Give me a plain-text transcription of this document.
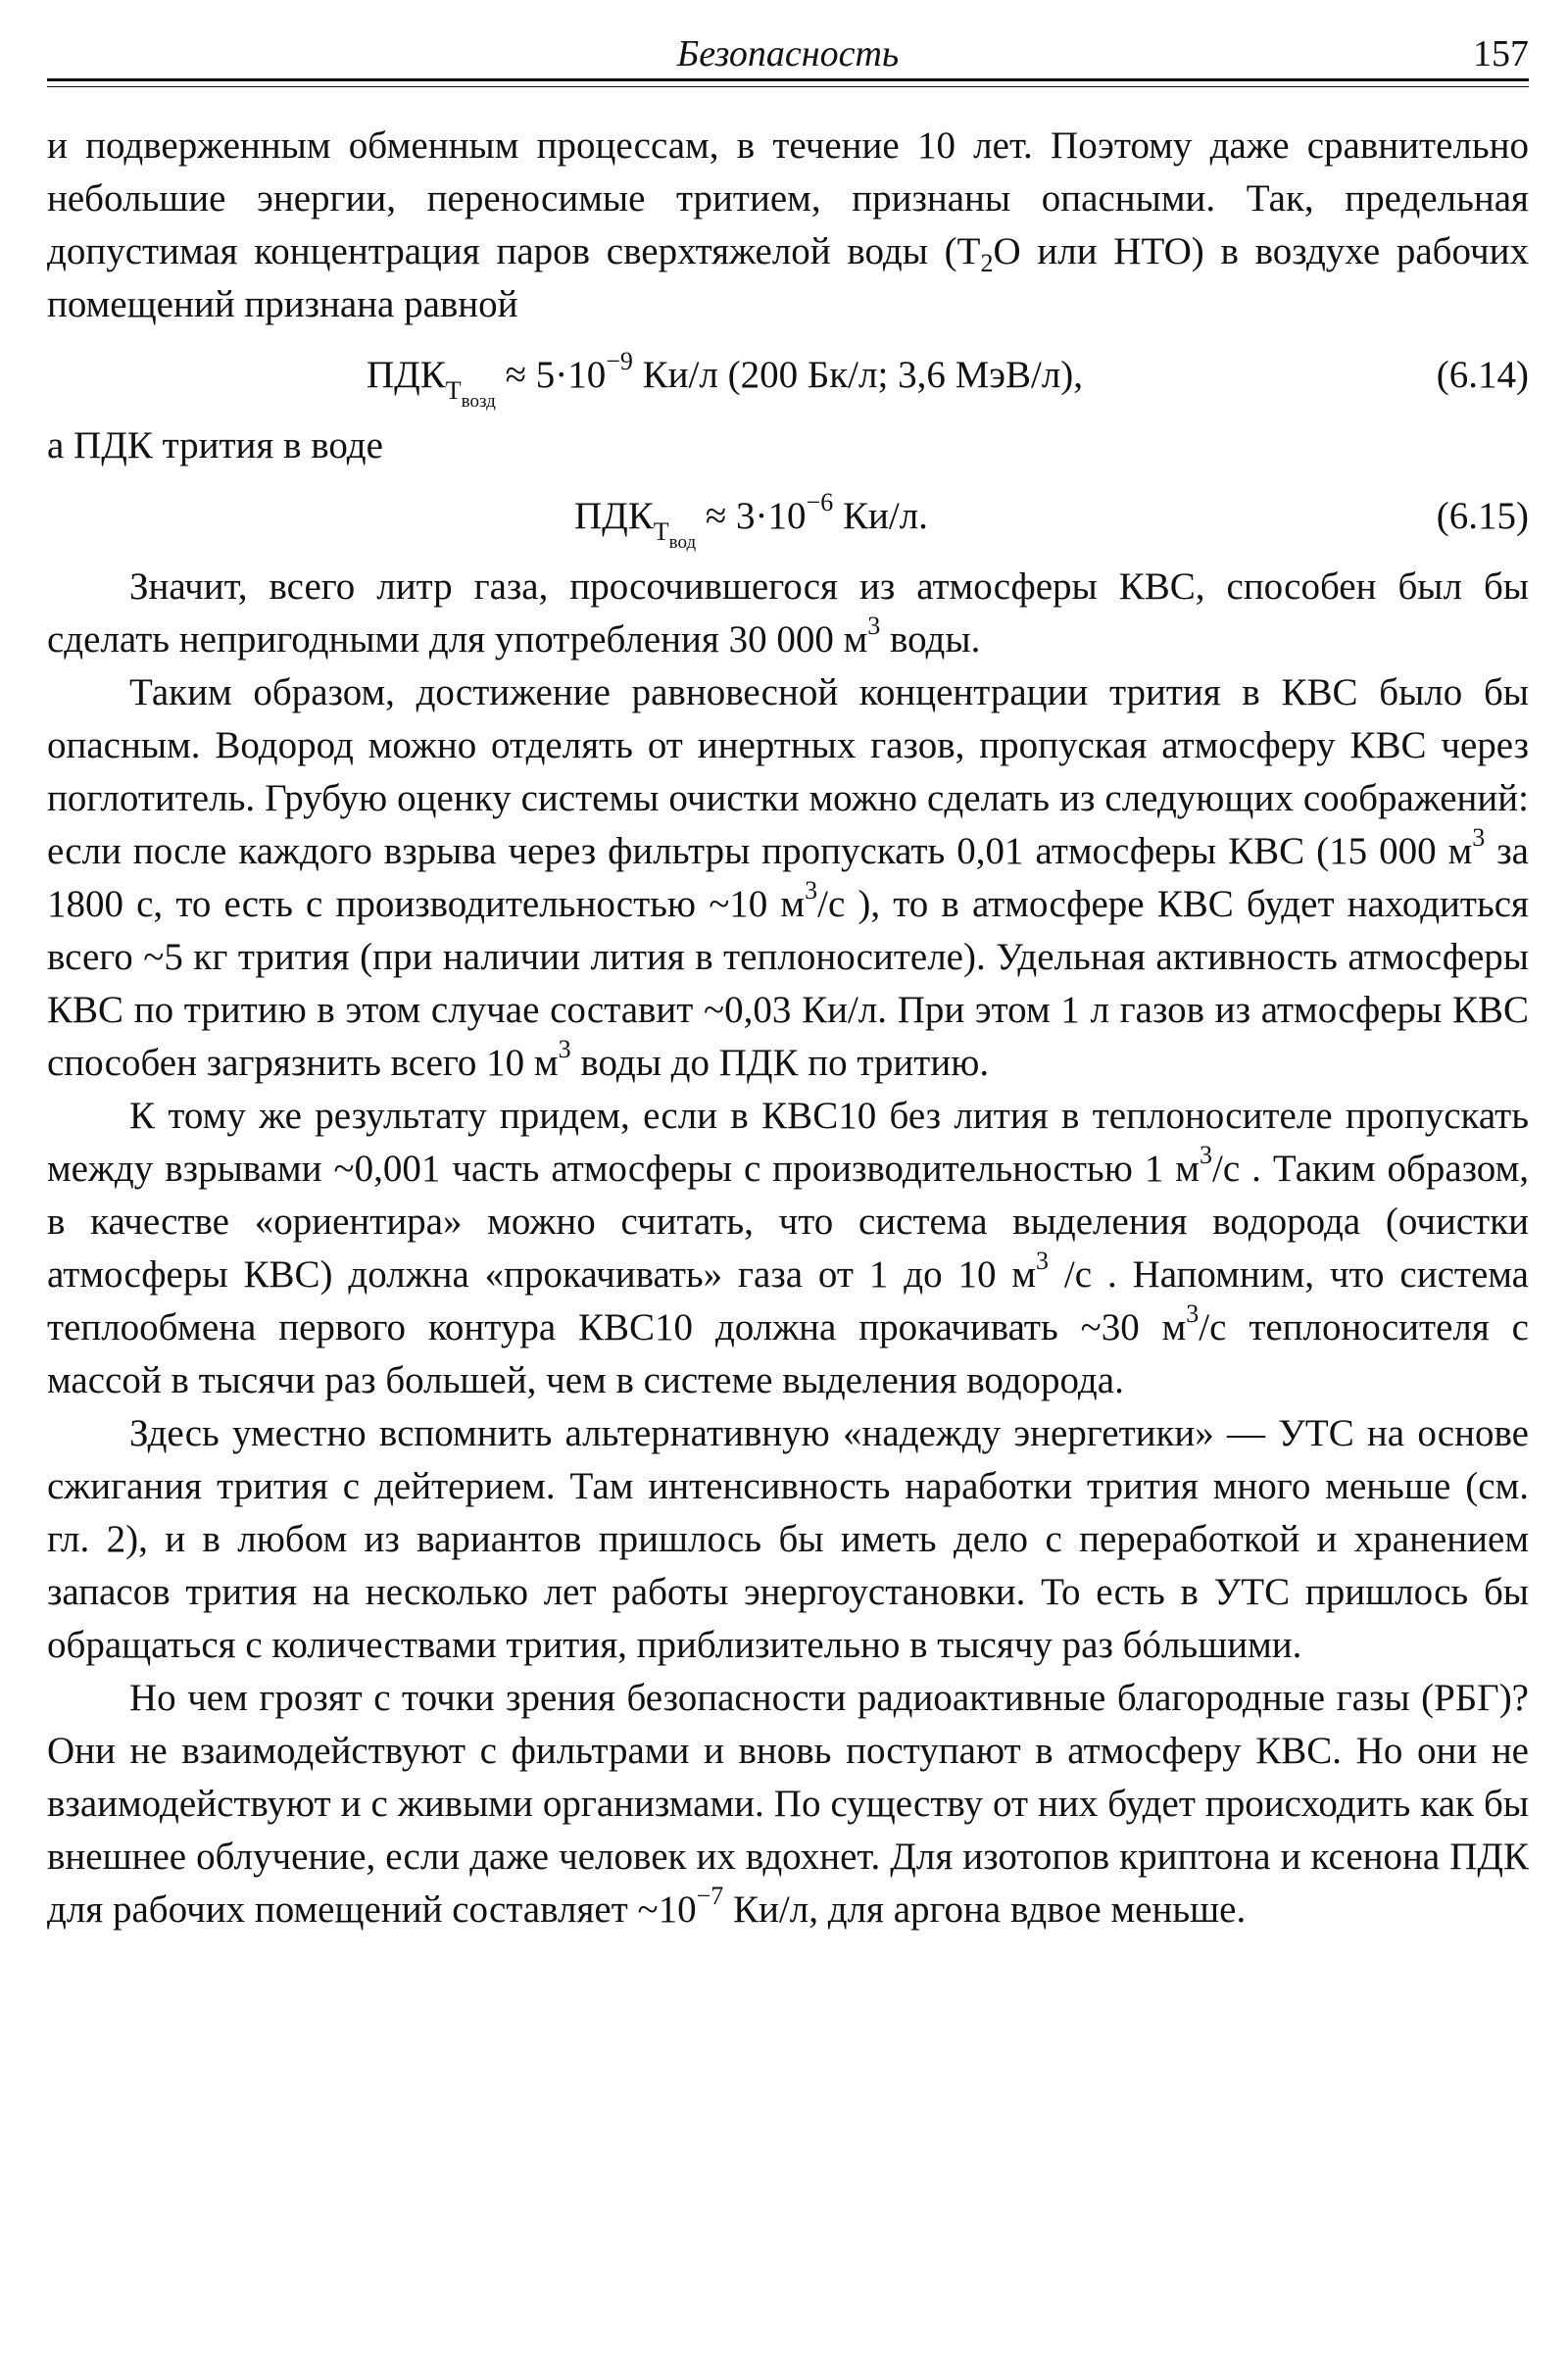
Безопасность	157

и подверженным обменным процессам, в течение 10 лет. Поэтому даже сравнительно небольшие энергии, переносимые тритием, признаны опасными. Так, предельная допустимая концентрация паров сверхтяжелой воды ($T_2O$ или HTO) в воздухе рабочих помещений признана равной

$ПДК_{T_{возд}} \approx 5\cdot 10^{-9}$ Ки/л (200 Бк/л; 3,6 МэВ/л),	(6.14)

а ПДК трития в воде

$ПДК_{T_{вод}} \approx 3\cdot 10^{-6}$ Ки/л.	(6.15)

Значит, всего литр газа, просочившегося из атмосферы КВС, способен был бы сделать непригодными для употребления 30 000 $м^3$ воды.

Таким образом, достижение равновесной концентрации трития в КВС было бы опасным. Водород можно отделять от инертных газов, пропуская атмосферу КВС через поглотитель. Грубую оценку системы очистки можно сделать из следующих соображений: если после каждого взрыва через фильтры пропускать 0,01 атмосферы КВС (15 000 $м^3$ за 1800 с, то есть с производительностью ~10 $м^3/с$ ), то в атмосфере КВС будет находиться всего ~5 кг трития (при наличии лития в теплоносителе). Удельная активность атмосферы КВС по тритию в этом случае составит ~0,03 Ки/л. При этом 1 л газов из атмосферы КВС способен загрязнить всего 10 $м^3$ воды до ПДК по тритию.

К тому же результату придем, если в КВС10 без лития в теплоносителе пропускать между взрывами ~0,001 часть атмосферы с производительностью 1 $м^3/с$ . Таким образом, в качестве «ориентира» можно считать, что система выделения водорода (очистки атмосферы КВС) должна «прокачивать» газа от 1 до 10 $м^3$ /с . Напомним, что система теплообмена первого контура КВС10 должна прокачивать ~30 $м^3/с$ теплоносителя с массой в тысячи раз большей, чем в системе выделения водорода.

Здесь уместно вспомнить альтернативную «надежду энергетики» — УТС на основе сжигания трития с дейтерием. Там интенсивность наработки трития много меньше (см. гл. 2), и в любом из вариантов пришлось бы иметь дело с переработкой и хранением запасов трития на несколько лет работы энергоустановки. То есть в УТС пришлось бы обращаться с количествами трития, приблизительно в тысячу раз бóльшими.

Но чем грозят с точки зрения безопасности радиоактивные благородные газы (РБГ)? Они не взаимодействуют с фильтрами и вновь поступают в атмосферу КВС. Но они не взаимодействуют и с живыми организмами. По существу от них будет происходить как бы внешнее облучение, если даже человек их вдохнет. Для изотопов криптона и ксенона ПДК для рабочих помещений составляет $\sim 10^{-7}$ Ки/л, для аргона вдвое меньше.
